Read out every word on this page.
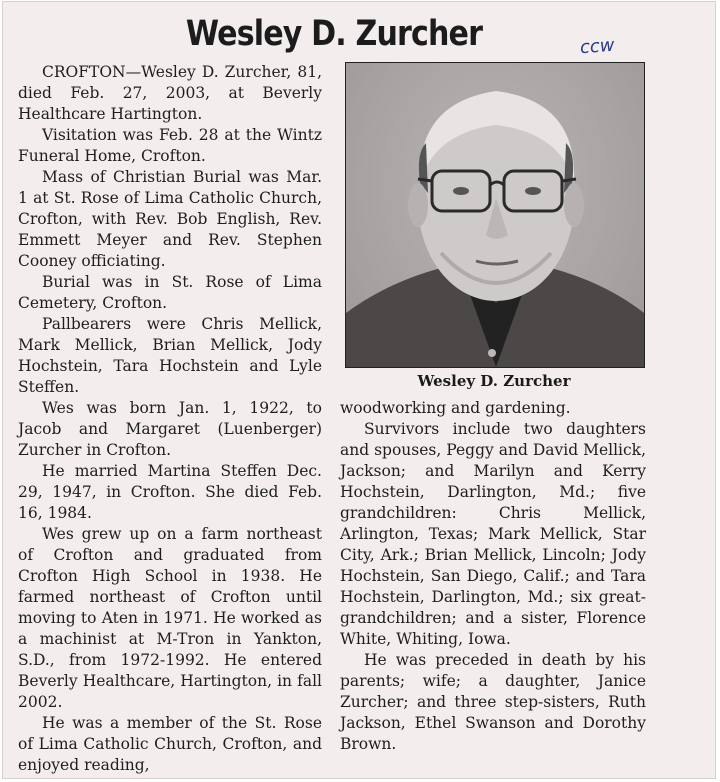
Wesley D. Zurcher	ccw

CROFTON—Wesley D. Zurcher, 81, died Feb. 27, 2003, at Beverly Healthcare Hartington.

Visitation was Feb. 28 at the Wintz Funeral Home, Crofton.

Mass of Christian Burial was Mar. 1 at St. Rose of Lima Catholic Church, Crofton, with Rev. Bob English, Rev. Emmett Meyer and Rev. Stephen Cooney officiating.

Burial was in St. Rose of Lima Cemetery, Crofton.

Pallbearers were Chris Mellick, Mark Mellick, Brian Mellick, Jody Hochstein, Tara Hochstein and Lyle Steffen.

Wes was born Jan. 1, 1922, to Jacob and Margaret (Luenberger) Zurcher in Crofton.

He married Martina Steffen Dec. 29, 1947, in Crofton. She died Feb. 16, 1984.

Wes grew up on a farm northeast of Crofton and graduated from Crofton High School in 1938. He farmed northeast of Crofton until moving to Aten in 1971. He worked as a machinist at M-Tron in Yankton, S.D., from 1972-1992. He entered Beverly Healthcare, Hartington, in fall 2002.

He was a member of the St. Rose of Lima Catholic Church, Crofton, and enjoyed reading,

Wesley D. Zurcher

woodworking and gardening.

Survivors include two daughters and spouses, Peggy and David Mellick, Jackson; and Marilyn and Kerry Hochstein, Darlington, Md.; five grandchildren: Chris Mellick, Arlington, Texas; Mark Mellick, Star City, Ark.; Brian Mellick, Lincoln; Jody Hochstein, San Diego, Calif.; and Tara Hochstein, Darlington, Md.; six great-grandchildren; and a sister, Florence White, Whiting, Iowa.

He was preceded in death by his parents; wife; a daughter, Janice Zurcher; and three step-sisters, Ruth Jackson, Ethel Swanson and Dorothy Brown.
